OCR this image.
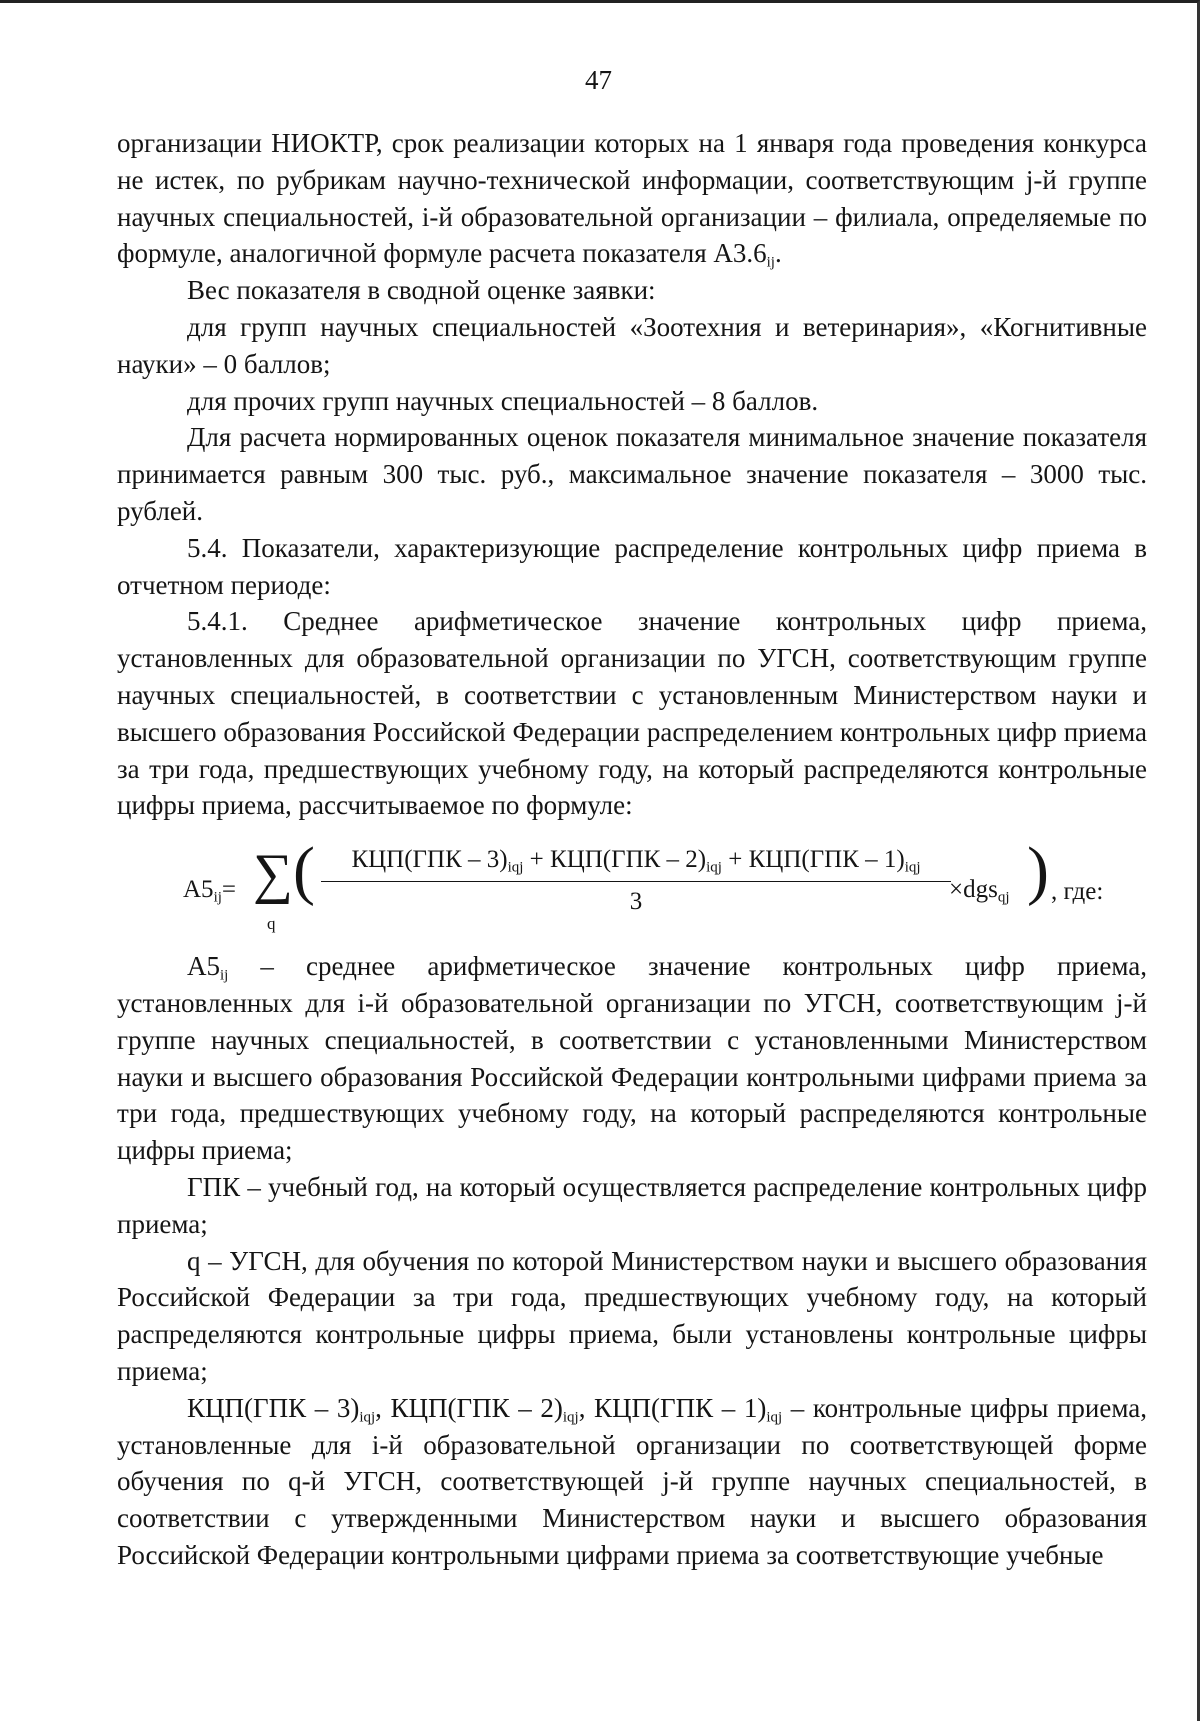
47

организации НИОКТР, срок реализации которых на 1 января года проведения конкурса не истек, по рубрикам научно-технической информации, соответствующим j-й группе научных специальностей, i-й образовательной организации – филиала, определяемые по формуле, аналогичной формуле расчета показателя $А3.6_{ij}$.

Вес показателя в сводной оценке заявки:

для групп научных специальностей «Зоотехния и ветеринария», «Когнитивные науки» – 0 баллов;

для прочих групп научных специальностей – 8 баллов.

Для расчета нормированных оценок показателя минимальное значение показателя принимается равным 300 тыс. руб., максимальное значение показателя – 3000 тыс. рублей.

5.4. Показатели, характеризующие распределение контрольных цифр приема в отчетном периоде:

5.4.1. Среднее арифметическое значение контрольных цифр приема, установленных для образовательной организации по УГСН, соответствующим группе научных специальностей, в соответствии с установленным Министерством науки и высшего образования Российской Федерации распределением контрольных цифр приема за три года, предшествующих учебному году, на который распределяются контрольные цифры приема, рассчитываемое по формуле:

$А5_{ij}=$ ∑
q
(	$КЦП(ГПК - 3)_{iqj} + КЦП(ГПК - 2)_{iqj} + КЦП(ГПК - 1)_{iqj}$
3	×dgs$_{qj}$ ) , где:

$А5_{ij}$ – среднее арифметическое значение контрольных цифр приема, установленных для i-й образовательной организации по УГСН, соответствующим j-й группе научных специальностей, в соответствии с установленными Министерством науки и высшего образования Российской Федерации контрольными цифрами приема за три года, предшествующих учебному году, на который распределяются контрольные цифры приема;

ГПК – учебный год, на который осуществляется распределение контрольных цифр приема;

q – УГСН, для обучения по которой Министерством науки и высшего образования Российской Федерации за три года, предшествующих учебному году, на который распределяются контрольные цифры приема, были установлены контрольные цифры приема;

$КЦП(ГПК - 3)_{iqj}$, $КЦП(ГПК - 2)_{iqj}$, $КЦП(ГПК - 1)_{iqj}$ – контрольные цифры приема, установленные для i-й образовательной организации по соответствующей форме обучения по q-й УГСН, соответствующей j-й группе научных специальностей, в соответствии с утвержденными Министерством науки и высшего образования Российской Федерации контрольными цифрами приема за соответствующие учебные
